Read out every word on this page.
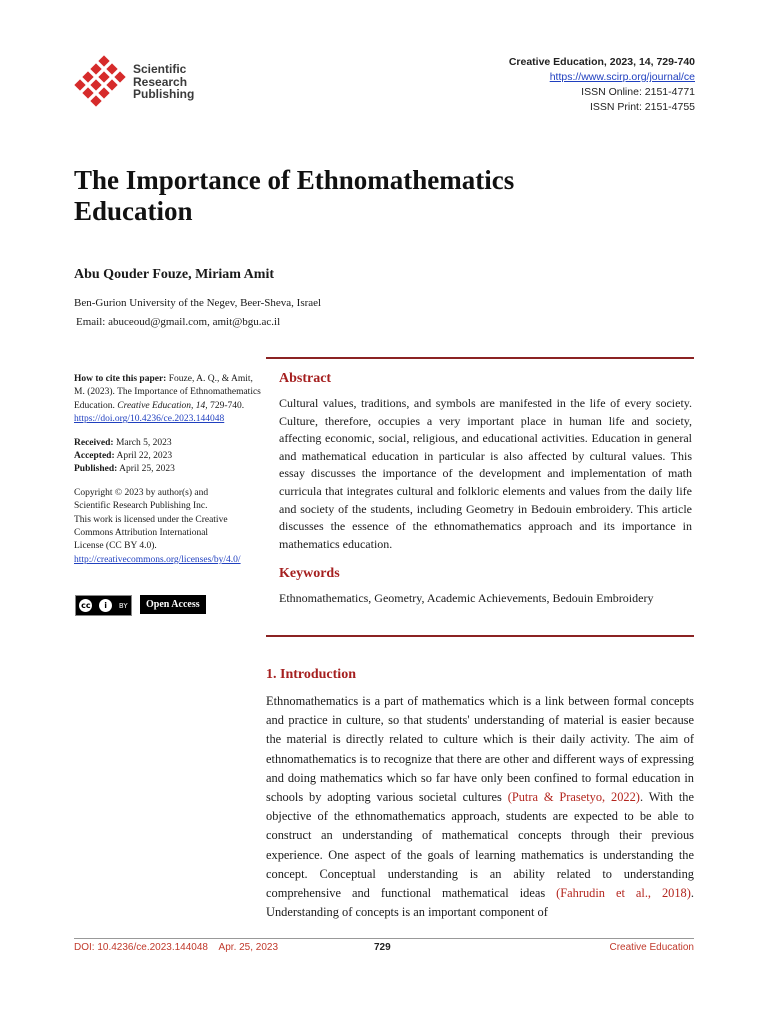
Scientific
Research
Publishing
Creative Education, 2023, 14, 729-740
https://www.scirp.org/journal/ce
ISSN Online: 2151-4771
ISSN Print: 2151-4755
The Importance of Ethnomathematics
Education
Abu Qouder Fouze, Miriam Amit
Ben-Gurion University of the Negev, Beer-Sheva, Israel
Email: abuceoud@gmail.com, amit@bgu.ac.il

How to cite this paper: Fouze, A. Q., & Amit, M. (2023). The Importance of Ethnomathematics Education. Creative Education, 14, 729-740.

https://doi.org/10.4236/ce.2023.144048

Received: March 5, 2023

Accepted: April 22, 2023

Published: April 25, 2023

Copyright © 2023 by author(s) and

Scientific Research Publishing Inc.

This work is licensed under the Creative

Commons Attribution International

License (CC BY 4.0).

http://creativecommons.org/licenses/by/4.0/

cc	i	BY	Open Access
Abstract
Cultural values, traditions, and symbols are manifested in the life of every society. Culture, therefore, occupies a very important place in human life and society, affecting economic, social, religious, and educational activities. Education in general and mathematical education in particular is also affected by cultural values. This essay discusses the importance of the development and implementation of math curricula that integrates cultural and folkloric elements and values from the daily life and society of the students, including Geometry in Bedouin embroidery. This article discusses the essence of the ethnomathematics approach and its importance in mathematics education.
Keywords
Ethnomathematics, Geometry, Academic Achievements, Bedouin Embroidery
1. Introduction
Ethnomathematics is a part of mathematics which is a link between formal concepts and practice in culture, so that students' understanding of material is easier because the material is directly related to culture which is their daily activity. The aim of ethnomathematics is to recognize that there are other and different ways of expressing and doing mathematics which so far have only been confined to formal education in schools by adopting various societal cultures (Putra & Prasetyo, 2022). With the objective of the ethnomathematics approach, students are expected to be able to construct an understanding of mathematical concepts through their previous experience. One aspect of the goals of learning mathematics is understanding the concept. Conceptual understanding is an ability related to understanding comprehensive and functional mathematical ideas (Fahrudin et al., 2018). Understanding of concepts is an important component of
DOI: 10.4236/ce.2023.144048    Apr. 25, 2023	729	Creative Education
